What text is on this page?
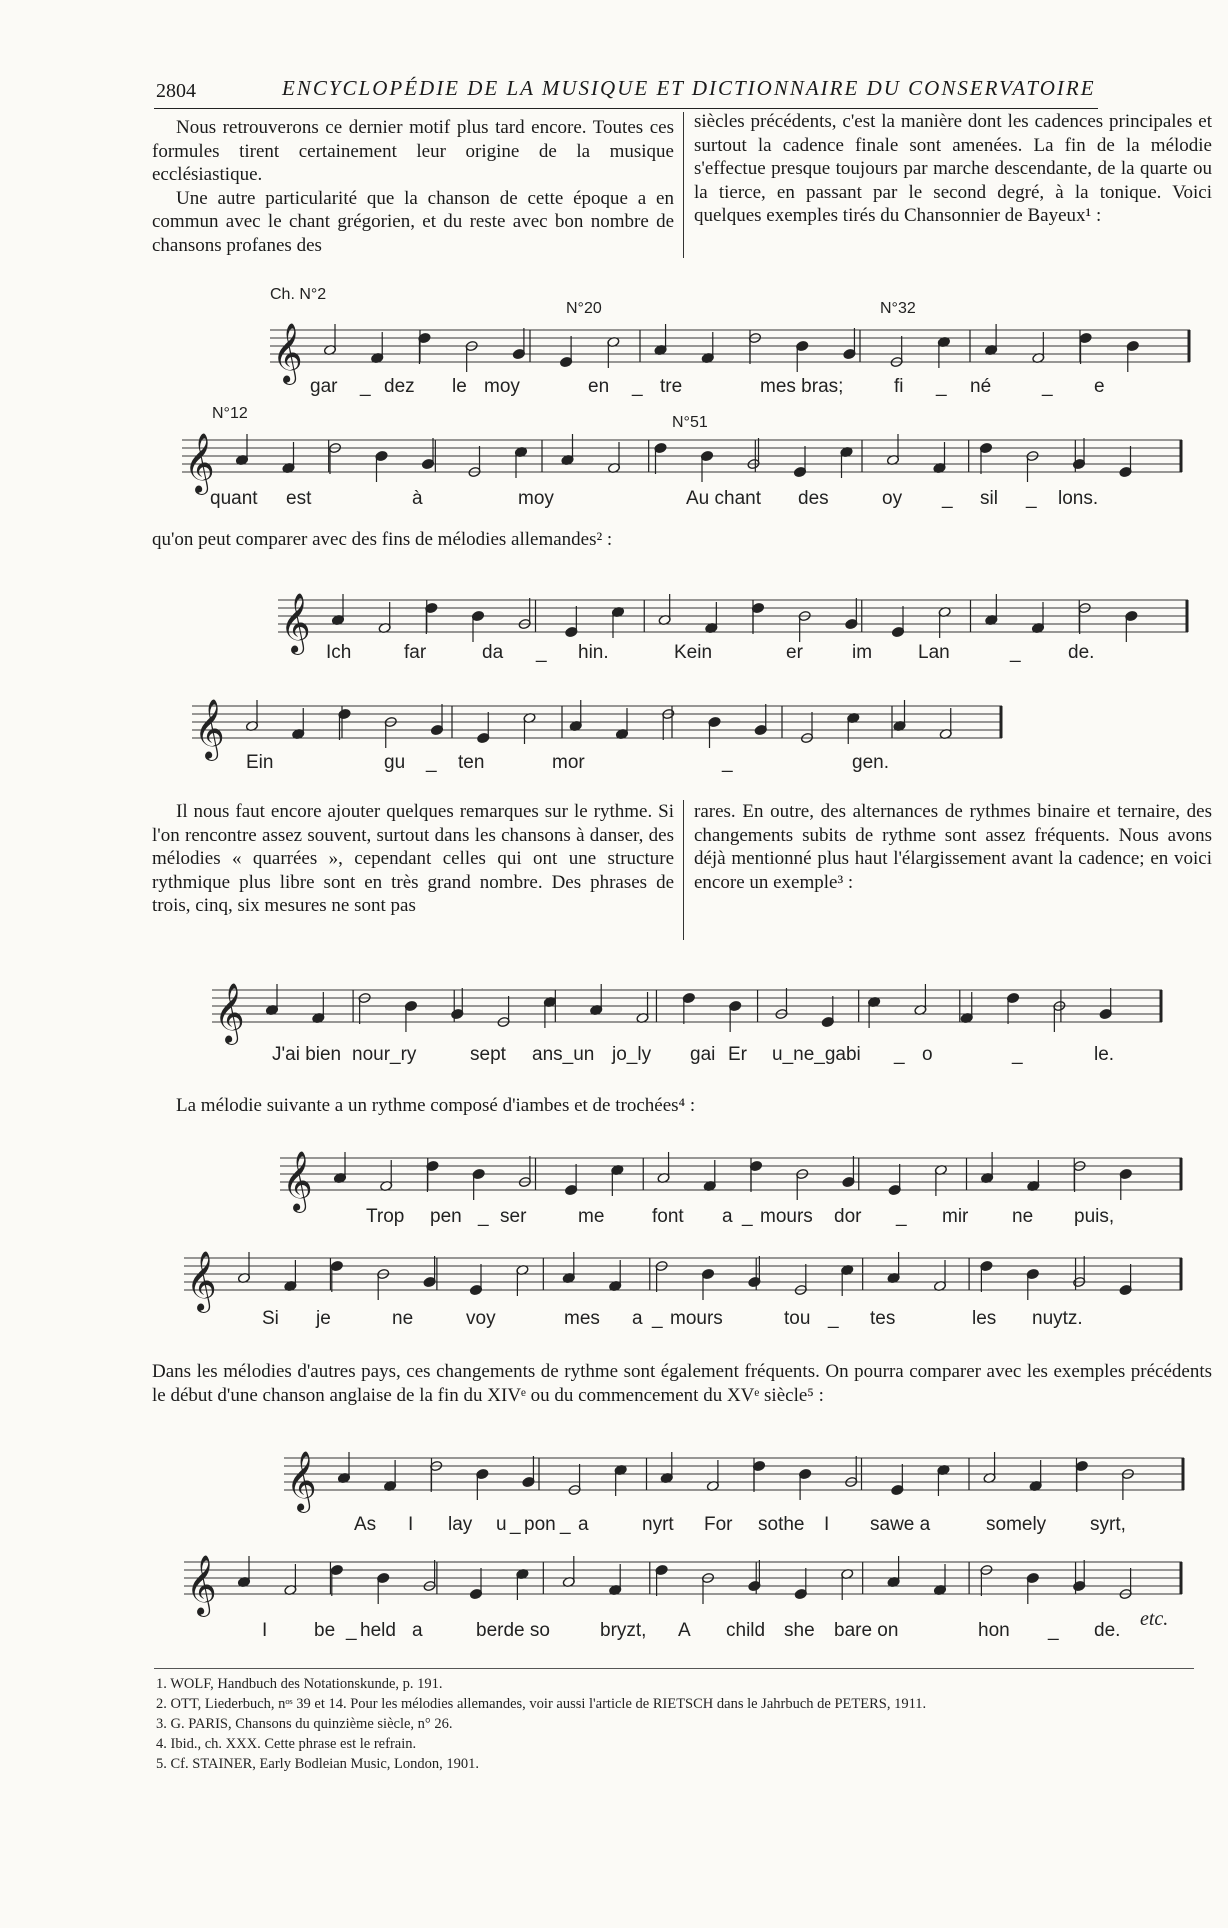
2804	ENCYCLOPÉDIE DE LA MUSIQUE ET DICTIONNAIRE DU CONSERVATOIRE

Nous retrouverons ce dernier motif plus tard encore. Toutes ces formules tirent certainement leur origine de la musique ecclésiastique.

Une autre particularité que la chanson de cette époque a en commun avec le chant grégorien, et du reste avec bon nombre de chansons profanes des

siècles précédents, c'est la manière dont les cadences principales et surtout la cadence finale sont amenées. La fin de la mélodie s'effectue presque toujours par marche descendante, de la quarte ou la tierce, en passant par le second degré, à la tonique. Voici quelques exemples tirés du Chansonnier de Bayeux¹ :

Ch. N°2
N°20	N°32
N°12
N°51
𝄞
𝄞
gar _ dez le moy	en _ tre	mes bras;	fi _ né	_ e
quant est	à	moy	Au chant des	oy _ sil _ lons.
qu'on peut comparer avec des fins de mélodies allemandes² :
𝄞
𝄞
Ich	far	da _ hin.	Kein	er	im Lan	_ de.
Ein	gu _ ten	mor	_	gen.

Il nous faut encore ajouter quelques remarques sur le rythme. Si l'on rencontre assez souvent, surtout dans les chansons à danser, des mélodies « quarrées », cependant celles qui ont une structure rythmique plus libre sont en très grand nombre. Des phrases de trois, cinq, six mesures ne sont pas

rares. En outre, des alternances de rythmes binaire et ternaire, des changements subits de rythme sont assez fréquents. Nous avons déjà mentionné plus haut l'élargissement avant la cadence; en voici encore un exemple³ :

𝄞
J'ai bien nour_ry	sept ans_un jo_ly gai Er u_ne_gabi _ o	_	le.
La mélodie suivante a un rythme composé d'iambes et de trochées⁴ :
𝄞
𝄞
Trop pen _ ser	me	font a _ mours dor _ mir ne puis,
Si je	ne	voy	mes a _ mours	tou _ tes	les nuytz.
Dans les mélodies d'autres pays, ces changements de rythme sont également fréquents. On pourra comparer avec les exemples précédents le début d'une chanson anglaise de la fin du XIVᵉ ou du commencement du XVᵉ siècle⁵ :
𝄞
𝄞
As I lay u _ pon _ a	nyrt For sothe I sawe a	somely syrt,
I be _ held a	berde so	bryzt, A child she bare on	hon _ de.
etc.
1. WOLF, Handbuch des Notationskunde, p. 191.
2. OTT, Liederbuch, nᵒˢ 39 et 14. Pour les mélodies allemandes, voir aussi l'article de RIETSCH dans le Jahrbuch de PETERS, 1911.
3. G. PARIS, Chansons du quinzième siècle, n° 26.
4. Ibid., ch. XXX. Cette phrase est le refrain.
5. Cf. STAINER, Early Bodleian Music, London, 1901.
